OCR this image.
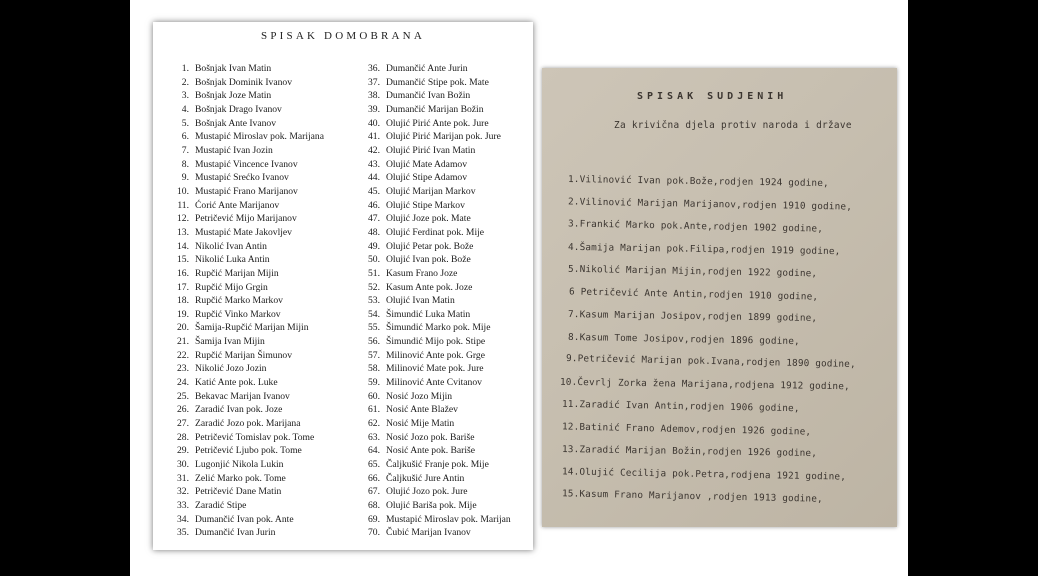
SPISAK DOMOBRANA
1. Bošnjak Ivan Matin
2. Bošnjak Dominik Ivanov
3. Bošnjak Joze Matin
4. Bošnjak Drago Ivanov
5. Bošnjak Ante Ivanov
6. Mustapić Miroslav pok. Marijana
7. Mustapić Ivan Jozin
8. Mustapić Vincence Ivanov
9. Mustapić Srećko Ivanov
10. Mustapić Frano Marijanov
11. Ćorić Ante Marijanov
12. Petričević Mijo Marijanov
13. Mustapić Mate Jakovljev
14. Nikolić Ivan Antin
15. Nikolić Luka Antin
16. Rupčić Marijan Mijin
17. Rupčić Mijo Grgin
18. Rupčić Marko Markov
19. Rupčić Vinko Markov
20. Šamija-Rupčić Marijan Mijin
21. Šamija Ivan Mijin
22. Rupčić Marijan Šimunov
23. Nikolić Jozo Jozin
24. Katić Ante pok. Luke
25. Bekavac Marijan Ivanov
26. Zaradić Ivan pok. Joze
27. Zaradić Jozo pok. Marijana
28. Petričević Tomislav pok. Tome
29. Petričević Ljubo pok. Tome
30. Lugonjić Nikola Lukin
31. Zelić Marko pok. Tome
32. Petričević Dane Matin
33. Zaradić Stipe
34. Dumančić Ivan pok. Ante
35. Dumančić Ivan Jurin
36. Dumančić Ante Jurin
37. Dumančić Stipe pok. Mate
38. Dumančić Ivan Božin
39. Dumančić Marijan Božin
40. Olujić Pirić Ante pok. Jure
41. Olujić Pirić Marijan pok. Jure
42. Olujić Pirić Ivan Matin
43. Olujić Mate Adamov
44. Olujić Stipe Adamov
45. Olujić Marijan Markov
46. Olujić Stipe Markov
47. Olujić Joze pok. Mate
48. Olujić Ferdinat pok. Mije
49. Olujić Petar pok. Bože
50. Olujić Ivan pok. Bože
51. Kasum Frano Joze
52. Kasum Ante pok. Joze
53. Olujić Ivan Matin
54. Šimundić Luka Matin
55. Šimundić Marko pok. Mije
56. Šimundić Mijo pok. Stipe
57. Milinović Ante pok. Grge
58. Milinović Mate pok. Jure
59. Milinović Ante Cvitanov
60. Nosić Jozo Mijin
61. Nosić Ante Blažev
62. Nosić Mije Matin
63. Nosić Jozo pok. Bariše
64. Nosić Ante pok. Bariše
65. Čaljkušić Franje pok. Mije
66. Čaljkušić Jure Antin
67. Olujić Jozo pok. Jure
68. Olujić Bariša pok. Mije
69. Mustapić Miroslav pok. Marijan
70. Čubić Marijan Ivanov
SPISAK SUDJENIH
Za krivična djela protiv naroda i države
1.Vilinović Ivan pok.Bože,rodjen 1924 godine,
2.Vilinović Marijan Marijanov,rodjen 1910 godine,
3.Frankić Marko pok.Ante,rodjen 1902 godine,
4.Šamija Marijan pok.Filipa,rodjen 1919 godine,
5.Nikolić Marijan Mijin,rodjen 1922 godine,
6 Petričević Ante Antin,rodjen 1910 godine,
7.Kasum Marijan Josipov,rodjen 1899 godine,
8.Kasum Tome Josipov,rodjen 1896 godine,
9.Petričević Marijan pok.Ivana,rodjen 1890 godine,
10.Čevrlj Zorka žena Marijana,rodjena 1912 godine,
11.Zaradić Ivan Antin,rodjen 1906 godine,
12.Batinić Frano Ademov,rodjen 1926 godine,
13.Zaradić Marijan Božin,rodjen 1926 godine,
14.Olujić Cecilija pok.Petra,rodjena 1921 godine,
15.Kasum Frano Marijanov ,rodjen 1913 godine,
